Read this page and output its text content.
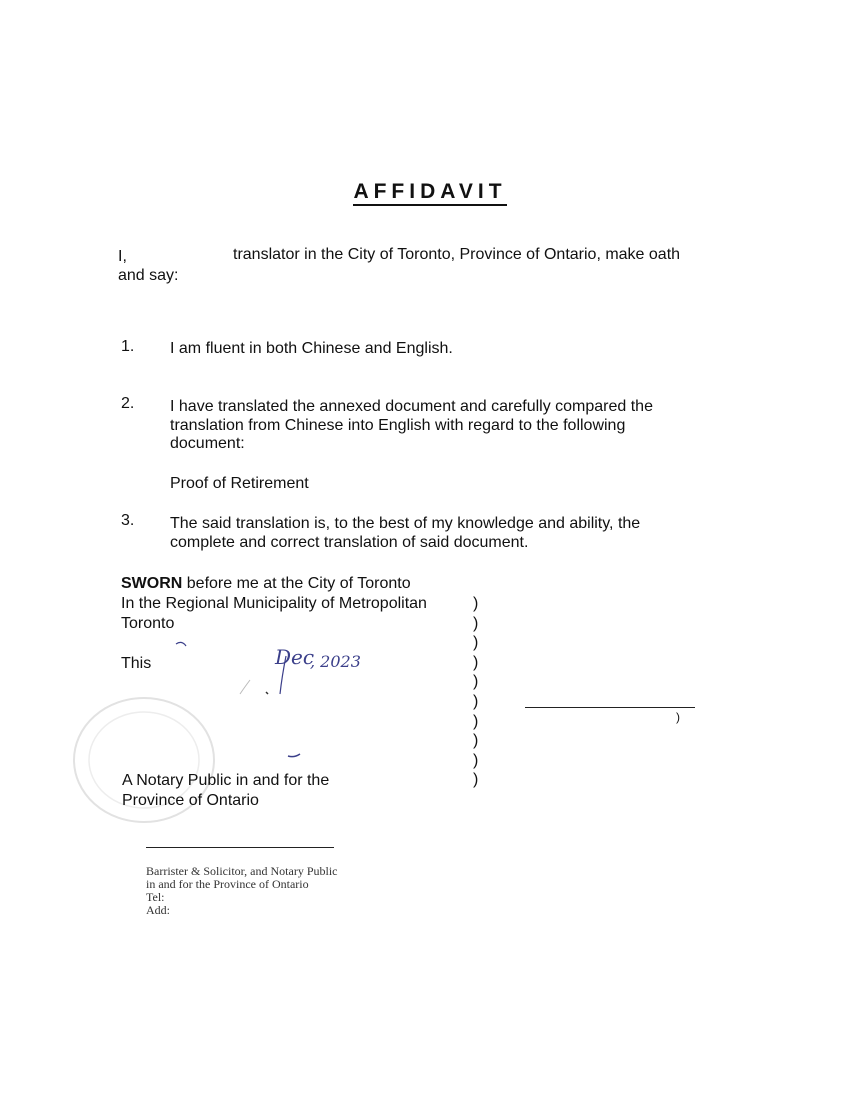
AFFIDAVIT
I,	translator in the City of Toronto, Province of Ontario, make oath
and say:
1. I am fluent in both Chinese and English.
2. I have translated the annexed document and carefully compared the
translation from Chinese into English with regard to the following
document:
Proof of Retirement
3. The said translation is, to the best of my knowledge and ability, the
complete and correct translation of said document.
SWORN before me at the City of Toronto
In the Regional Municipality of Metropolitan
Toronto
This	Dec
, 2023
A Notary Public in and for the
Province of Ontario
)
)
)
)
)
)
)
)
)
)
)
Barrister & Solicitor, and Notary Public
in and for the Province of Ontario
Tel:
Add:
